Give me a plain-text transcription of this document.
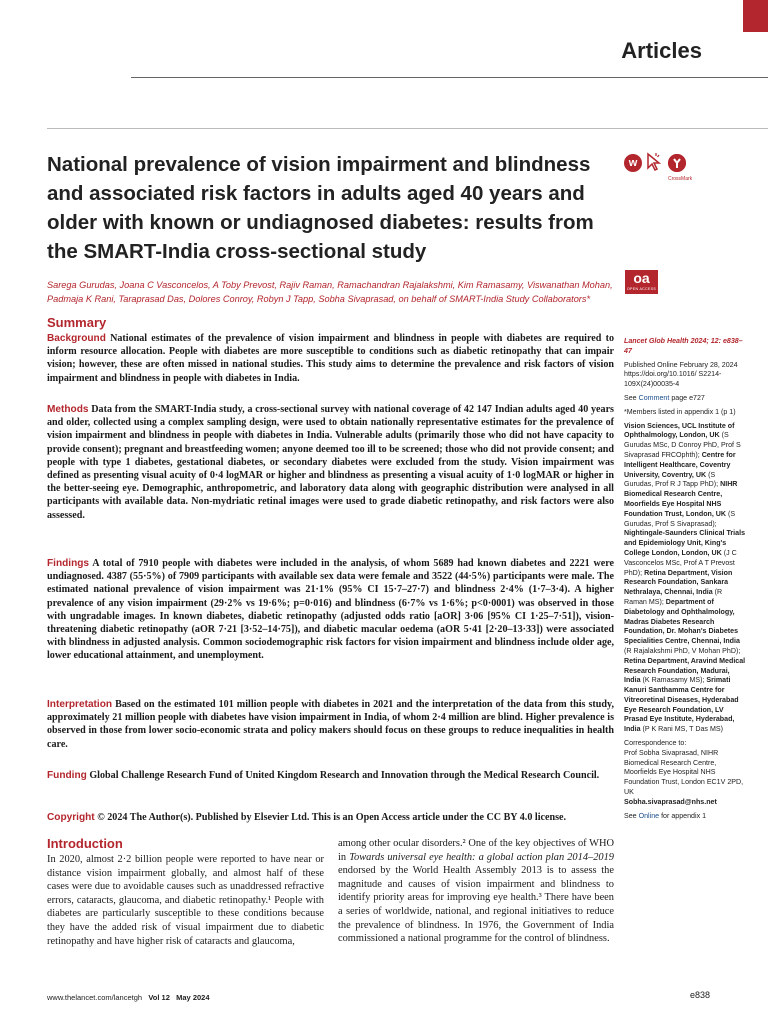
Articles
National prevalence of vision impairment and blindness and associated risk factors in adults aged 40 years and older with known or undiagnosed diabetes: results from the SMART-India cross-sectional study
w
CrossMark
oa
OPEN ACCESS
Sarega Gurudas, Joana C Vasconcelos, A Toby Prevost, Rajiv Raman, Ramachandran Rajalakshmi, Kim Ramasamy, Viswanathan Mohan, Padmaja K Rani, Taraprasad Das, Dolores Conroy, Robyn J Tapp, Sobha Sivaprasad, on behalf of SMART-India Study Collaborators*
Summary
Background National estimates of the prevalence of vision impairment and blindness in people with diabetes are required to inform resource allocation. People with diabetes are more susceptible to conditions such as diabetic retinopathy that can impair vision; however, these are often missed in national studies. This study aims to determine the prevalence and risk factors of vision impairment and blindness in people with diabetes in India.
Methods Data from the SMART-India study, a cross-sectional survey with national coverage of 42 147 Indian adults aged 40 years and older, collected using a complex sampling design, were used to obtain nationally representative estimates for the prevalence of vision impairment and blindness in people with diabetes in India. Vulnerable adults (primarily those who did not have capacity to provide consent); pregnant and breastfeeding women; anyone deemed too ill to be screened; those who did not provide consent; and people with type 1 diabetes, gestational diabetes, or secondary diabetes were excluded from the study. Vision impairment was defined as presenting visual acuity of 0·4 logMAR or higher and blindness as presenting a visual acuity of 1·0 logMAR or higher in the better-seeing eye. Demographic, anthropometric, and laboratory data along with geographic distribution were analysed in all participants with available data. Non-mydriatic retinal images were used to grade diabetic retinopathy, and risk factors were also assessed.
Findings A total of 7910 people with diabetes were included in the analysis, of whom 5689 had known diabetes and 2221 were undiagnosed. 4387 (55·5%) of 7909 participants with available sex data were female and 3522 (44·5%) participants were male. The estimated national prevalence of vision impairment was 21·1% (95% CI 15·7–27·7) and blindness 2·4% (1·7–3·4). A higher prevalence of any vision impairment (29·2% vs 19·6%; p=0·016) and blindness (6·7% vs 1·6%; p<0·0001) was observed in those with ungradable images. In known diabetes, diabetic retinopathy (adjusted odds ratio [aOR] 3·06 [95% CI 1·25–7·51]), vision-threatening diabetic retinopathy (aOR 7·21 [3·52–14·75]), and diabetic macular oedema (aOR 5·41 [2·20–13·33]) were associated with blindness in adjusted analysis. Common sociodemographic risk factors for vision impairment and blindness include older age, lower educational attainment, and unemployment.
Interpretation Based on the estimated 101 million people with diabetes in 2021 and the interpretation of the data from this study, approximately 21 million people with diabetes have vision impairment in India, of whom 2·4 million are blind. Higher prevalence is observed in those from lower socio-economic strata and policy makers should focus on these groups to reduce inequalities in health care.
Funding Global Challenge Research Fund of United Kingdom Research and Innovation through the Medical Research Council.
Copyright © 2024 The Author(s). Published by Elsevier Ltd. This is an Open Access article under the CC BY 4.0 license.
Introduction
In 2020, almost 2·2 billion people were reported to have near or distance vision impairment globally, and almost half of these cases were due to avoidable causes such as unaddressed refractive errors, cataracts, glaucoma, and diabetic retinopathy.¹ People with diabetes are particularly susceptible to these conditions because they have the added risk of visual impairment due to diabetic retinopathy and have higher risk of cataracts and glaucoma,
among other ocular disorders.² One of the key objectives of WHO in Towards universal eye health: a global action plan 2014–2019 endorsed by the World Health Assembly 2013 is to assess the magnitude and causes of vision impairment and blindness to identify priority areas for improving eye health.³ There have been a series of worldwide, national, and regional initiatives to reduce the prevalence of blindness. In 1976, the Government of India commissioned a national programme for the control of blindness.
Lancet Glob Health 2024; 12: e838–47
Published Online February 28, 2024 https://doi.org/10.1016/ S2214-109X(24)00035-4
See Comment page e727
*Members listed in appendix 1 (p 1)
Vision Sciences, UCL Institute of Ophthalmology, London, UK (S Gurudas MSc, D Conroy PhD, Prof S Sivaprasad FRCOphth); Centre for Intelligent Healthcare, Coventry University, Coventry, UK (S Gurudas, Prof R J Tapp PhD); NIHR Biomedical Research Centre, Moorfields Eye Hospital NHS Foundation Trust, London, UK (S Gurudas, Prof S Sivaprasad); Nightingale-Saunders Clinical Trials and Epidemiology Unit, King's College London, London, UK (J C Vasconcelos MSc, Prof A T Prevost PhD); Retina Department, Vision Research Foundation, Sankara Nethralaya, Chennai, India (R Raman MS); Department of Diabetology and Ophthalmology, Madras Diabetes Research Foundation, Dr. Mohan's Diabetes Specialities Centre, Chennai, India (R Rajalakshmi PhD, V Mohan PhD); Retina Department, Aravind Medical Research Foundation, Madurai, India (K Ramasamy MS); Srimati Kanuri Santhamma Centre for Vitreoretinal Diseases, Hyderabad Eye Research Foundation, LV Prasad Eye Institute, Hyderabad, India (P K Rani MS, T Das MS)
Correspondence to:
Prof Sobha Sivaprasad, NIHR Biomedical Research Centre, Moorfields Eye Hospital NHS Foundation Trust, London EC1V 2PD, UK
Sobha.sivaprasad@nhs.net
See Online for appendix 1
www.thelancet.com/lancetgh Vol 12 May 2024	e838
